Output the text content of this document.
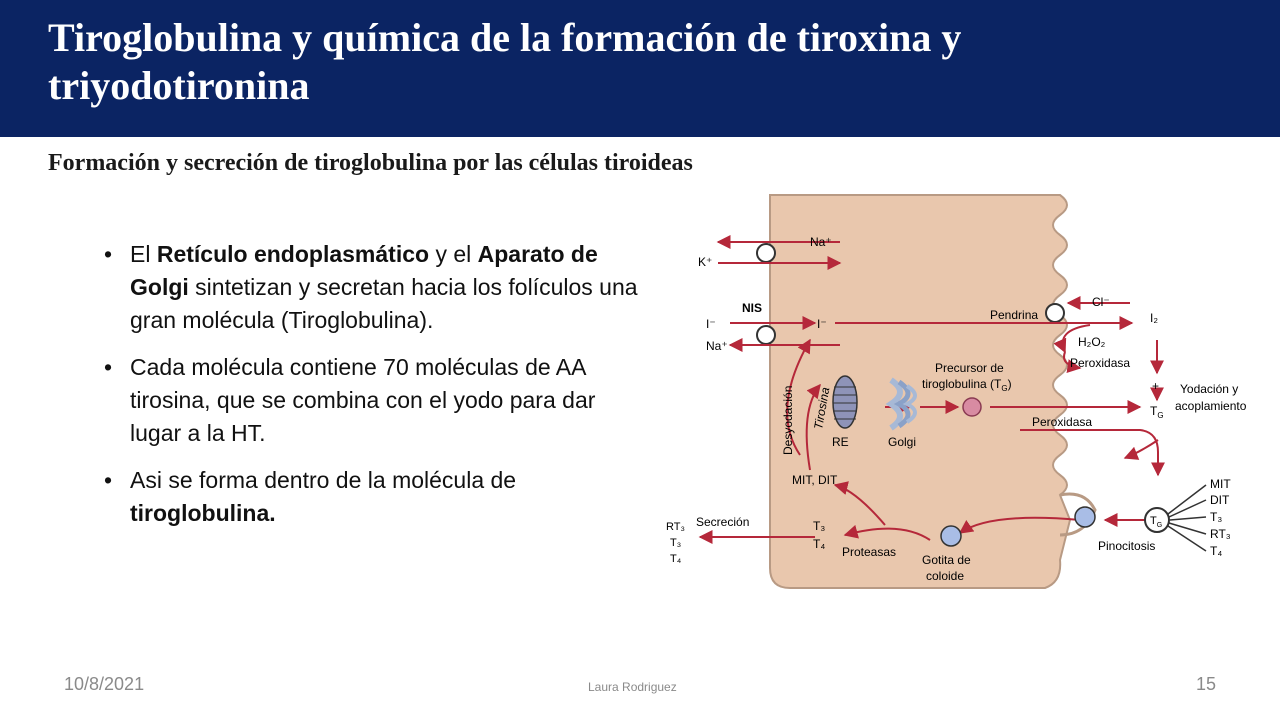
Tiroglobulina y química de la formación de tiroxina y triyodotironina
Formación y secreción de tiroglobulina por las células tiroideas
• El Retículo endoplasmático y el Aparato de Golgi sintetizan y secretan hacia los folículos una gran molécula (Tiroglobulina).
• Cada molécula contiene 70 moléculas de AA tirosina, que se combina con el yodo para dar lugar a la HT.
• Asi se forma dentro de la molécula de tiroglobulina.
Na⁺
K⁺
NIS
I⁻
Na⁺
I⁻
Cl⁻
Pendrina	I₂
H₂O₂
Peroxidasa
+ Yodación y
acoplamiento
$T_G$
Precursor de
tiroglobulina $(T_G)$
Peroxidasa
Desyodación Tirosina
RE	Golgi
MIT, DIT
Secreción
RT₃
T₃
T₄
T₃
T₄
Proteasas
Gotita de
coloide
Pinocitosis
$T_G$
MIT
DIT
T₃
RT₃
T₄
10/8/2021	Laura Rodriguez	15
